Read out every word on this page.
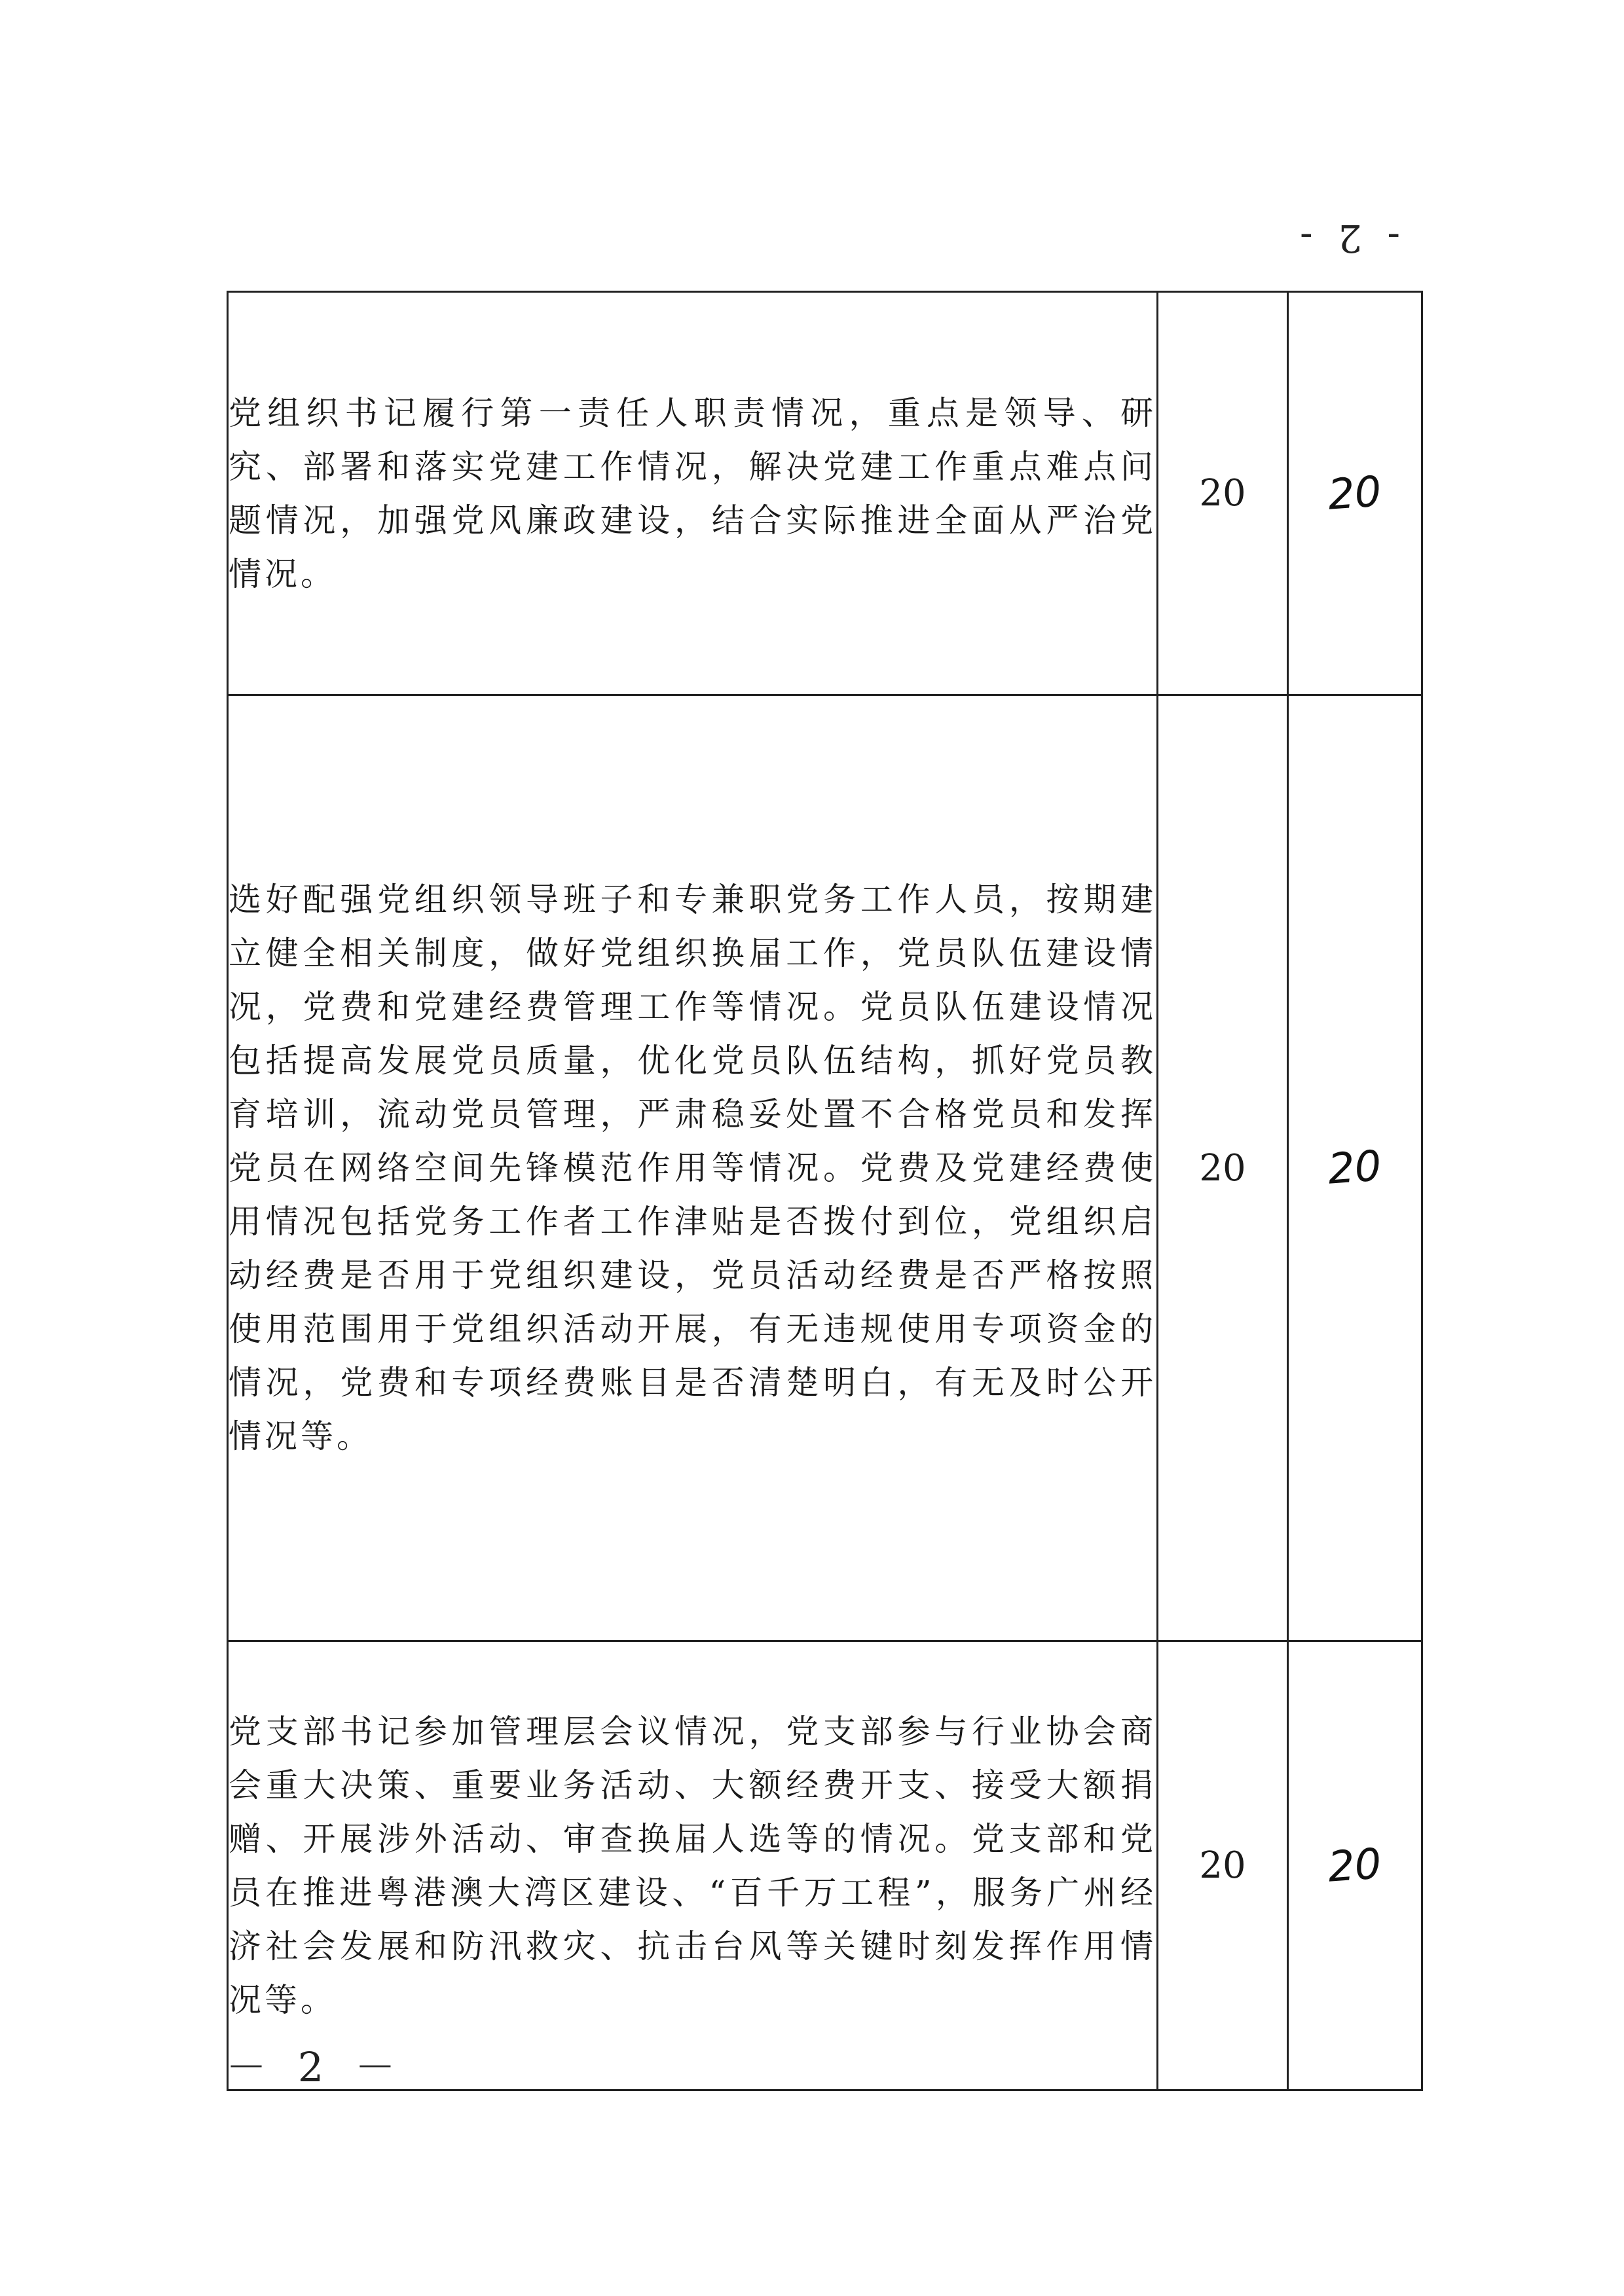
- 2 -
党组织书记履行第一责任人职责情况，重点是领导、研究、部署和落实党建工作情况，解决党建工作重点难点问题情况，加强党风廉政建设，结合实际推进全面从严治党情况。	20	20
选好配强党组织领导班子和专兼职党务工作人员，按期建立健全相关制度，做好党组织换届工作，党员队伍建设情况，党费和党建经费管理工作等情况。党员队伍建设情况包括提高发展党员质量，优化党员队伍结构，抓好党员教育培训，流动党员管理，严肃稳妥处置不合格党员和发挥党员在网络空间先锋模范作用等情况。党费及党建经费使用情况包括党务工作者工作津贴是否拨付到位，党组织启动经费是否用于党组织建设，党员活动经费是否严格按照使用范围用于党组织活动开展，有无违规使用专项资金的情况，党费和专项经费账目是否清楚明白，有无及时公开情况等。	20	20
党支部书记参加管理层会议情况，党支部参与行业协会商会重大决策、重要业务活动、大额经费开支、接受大额捐赠、开展涉外活动、审查换届人选等的情况。党支部和党员在推进粤港澳大湾区建设、“百千万工程”，服务广州经济社会发展和防汛救灾、抗击台风等关键时刻发挥作用情况等。	20	20
－ 2 －
